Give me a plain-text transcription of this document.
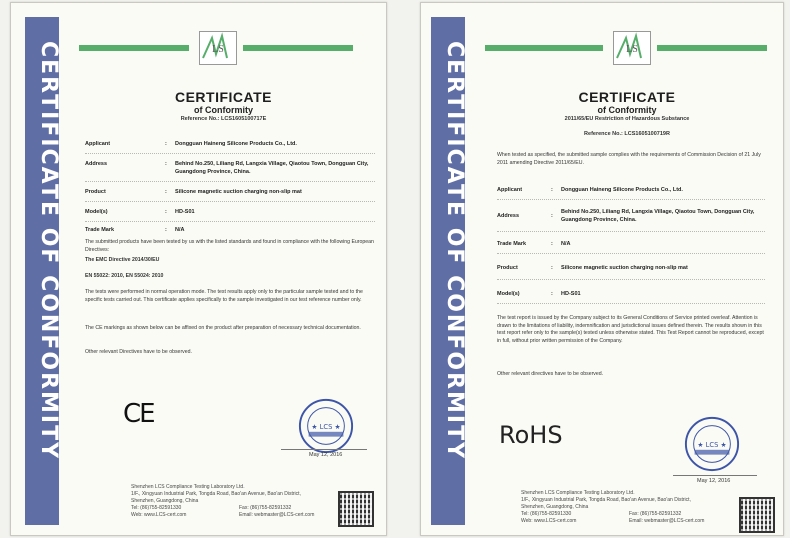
CERTIFICATE OF CONFORMITY	LS
CERTIFICATE
of Conformity
Reference No.: LCS1605100717E
Applicant	: Dongguan Haineng Silicone Products Co., Ltd.
Address	: Behind No.250, Liliang Rd, Langxia Village, Qiaotou Town, Dongguan City, Guangdong Province, China.
Product	: Silicone magnetic suction charging non-slip mat
Model(s)	: HD-S01
Trade Mark	: N/A
The submitted products have been tested by us with the listed standards and found in compliance with the following European Directives:
The EMC Directive 2014/30/EU
EN 55022: 2010, EN 55024: 2010
The tests were performed in normal operation mode. The test results apply only to the particular sample tested and to the specific tests carried out. This certificate applies specifically to the sample investigated in our test reference number only.
The CE markings as shown below can be affixed on the product after preparation of necessary technical documentation.
Other relevant Directives have to be observed.
CE	★ LCS ★
May 12, 2016
Shenzhen LCS Compliance Testing Laboratory Ltd.
1/F., Xingyuan Industrial Park, Tongda Road, Bao'an Avenue, Bao'an District,
Shenzhen, Guangdong, China
Tel: (86)755-82591330	Fax: (86)755-82591332
Web: www.LCS-cert.com	Email: webmaster@LCS-cert.com
CERTIFICATE OF CONFORMITY	LS
CERTIFICATE
of Conformity
2011/65/EU Restriction of Hazardous Substance
Reference No.: LCS1605100719R
When tested as specified, the submitted sample complies with the requirements of Commission Decision of 21 July 2011 amending Directive 2011/65/EU.
Applicant	: Dongguan Haineng Silicone Products Co., Ltd.
Address	:
Behind No.250, Liliang Rd, Langxia Village, Qiaotou Town, Dongguan City, Guangdong Province, China.
Trade Mark	: N/A
Product	: Silicone magnetic suction charging non-slip mat
Model(s)	: HD-S01
The test report is issued by the Company subject to its General Conditions of Service printed overleaf. Attention is drawn to the limitations of liability, indemnification and jurisdictional issues defined therein. The results shown in this test report refer only to the sample(s) tested unless otherwise stated. This Test Report cannot be reproduced, except in full, without prior written permission of the Company.
Other relevant directives have to be observed.
RoHS	★ LCS ★
May 12, 2016
Shenzhen LCS Compliance Testing Laboratory Ltd.
1/F., Xingyuan Industrial Park, Tongda Road, Bao'an Avenue, Bao'an District,
Shenzhen, Guangdong, China
Tel: (86)755-82591330	Fax: (86)755-82591332
Web: www.LCS-cert.com	Email: webmaster@LCS-cert.com
